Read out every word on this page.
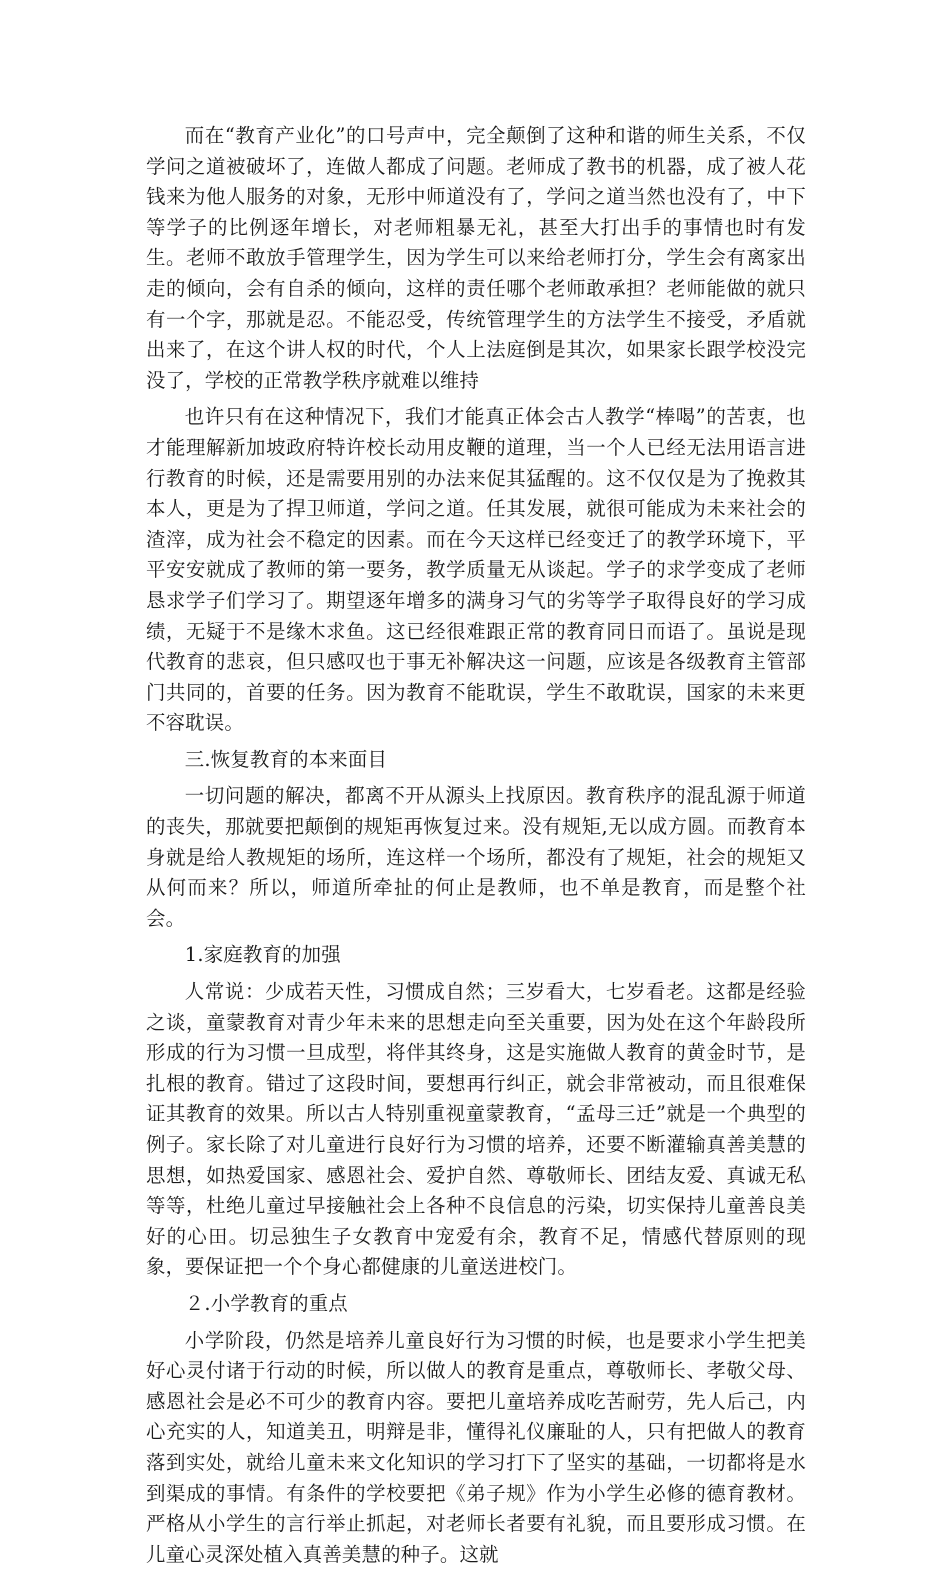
而在“教育产业化”的口号声中，完全颠倒了这种和谐的师生关系，不仅学问之道被破坏了，连做人都成了问题。老师成了教书的机器，成了被人花钱来为他人服务的对象，无形中师道没有了，学问之道当然也没有了，中下等学子的比例逐年增长，对老师粗暴无礼，甚至大打出手的事情也时有发生。老师不敢放手管理学生，因为学生可以来给老师打分，学生会有离家出走的倾向，会有自杀的倾向，这样的责任哪个老师敢承担？老师能做的就只有一个字，那就是忍。不能忍受，传统管理学生的方法学生不接受，矛盾就出来了，在这个讲人权的时代，个人上法庭倒是其次，如果家长跟学校没完没了，学校的正常教学秩序就难以维持

也许只有在这种情况下，我们才能真正体会古人教学“棒喝”的苦衷，也才能理解新加坡政府特许校长动用皮鞭的道理，当一个人已经无法用语言进行教育的时候，还是需要用别的办法来促其猛醒的。这不仅仅是为了挽救其本人，更是为了捍卫师道，学问之道。任其发展，就很可能成为未来社会的渣滓，成为社会不稳定的因素。而在今天这样已经变迁了的教学环境下，平平安安就成了教师的第一要务，教学质量无从谈起。学子的求学变成了老师恳求学子们学习了。期望逐年增多的满身习气的劣等学子取得良好的学习成绩，无疑于不是缘木求鱼。这已经很难跟正常的教育同日而语了。虽说是现代教育的悲哀，但只感叹也于事无补解决这一问题，应该是各级教育主管部门共同的，首要的任务。因为教育不能耽误，学生不敢耽误，国家的未来更不容耽误。

三.恢复教育的本来面目

一切问题的解决，都离不开从源头上找原因。教育秩序的混乱源于师道的丧失，那就要把颠倒的规矩再恢复过来。没有规矩,无以成方圆。而教育本身就是给人教规矩的场所，连这样一个场所，都没有了规矩，社会的规矩又从何而来？所以，师道所牵扯的何止是教师，也不单是教育，而是整个社会。

1.家庭教育的加强

人常说：少成若天性，习惯成自然；三岁看大，七岁看老。这都是经验之谈，童蒙教育对青少年未来的思想走向至关重要，因为处在这个年龄段所形成的行为习惯一旦成型，将伴其终身，这是实施做人教育的黄金时节，是扎根的教育。错过了这段时间，要想再行纠正，就会非常被动，而且很难保证其教育的效果。所以古人特别重视童蒙教育，“孟母三迁”就是一个典型的例子。家长除了对儿童进行良好行为习惯的培养，还要不断灌输真善美慧的思想，如热爱国家、感恩社会、爱护自然、尊敬师长、团结友爱、真诚无私等等，杜绝儿童过早接触社会上各种不良信息的污染，切实保持儿童善良美好的心田。切忌独生子女教育中宠爱有余，教育不足，情感代替原则的现象，要保证把一个个身心都健康的儿童送进校门。

２.小学教育的重点

小学阶段，仍然是培养儿童良好行为习惯的时候，也是要求小学生把美好心灵付诸于行动的时候，所以做人的教育是重点，尊敬师长、孝敬父母、感恩社会是必不可少的教育内容。要把儿童培养成吃苦耐劳，先人后己，内心充实的人，知道美丑，明辩是非，懂得礼仪廉耻的人，只有把做人的教育落到实处，就给儿童未来文化知识的学习打下了坚实的基础，一切都将是水到渠成的事情。有条件的学校要把《弟子规》作为小学生必修的德育教材。严格从小学生的言行举止抓起，对老师长者要有礼貌，而且要形成习惯。在儿童心灵深处植入真善美慧的种子。这就
